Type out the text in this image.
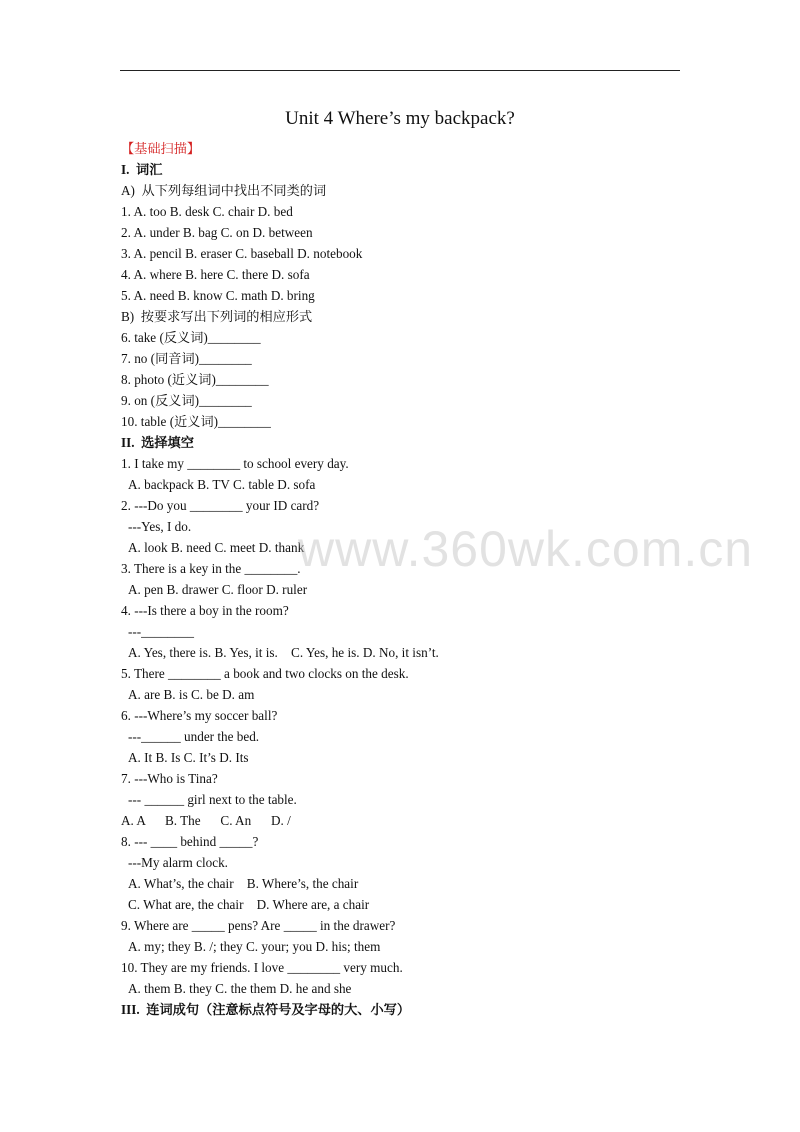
Unit 4 Where’s my backpack?
【基础扫描】
I.  词汇
A)  从下列每组词中找出不同类的词
1. A. too B. desk C. chair D. bed
2. A. under B. bag C. on D. between
3. A. pencil B. eraser C. baseball D. notebook
4. A. where B. here C. there D. sofa
5. A. need B. know C. math D. bring
B)  按要求写出下列词的相应形式
6. take (反义词)________
7. no (同音词)________
8. photo (近义词)________
9. on (反义词)________
10. table (近义词)________
II.  选择填空
1. I take my ________ to school every day.
A. backpack B. TV C. table D. sofa
2. ---Do you ________ your ID card?
---Yes, I do.
A. look B. need C. meet D. thank
3. There is a key in the ________.
A. pen B. drawer C. floor D. ruler
4. ---Is there a boy in the room?
---________
A. Yes, there is. B. Yes, it is.    C. Yes, he is. D. No, it isn’t.
5. There ________ a book and two clocks on the desk.
A. are B. is C. be D. am
6. ---Where’s my soccer ball?
---______ under the bed.
A. It B. Is C. It’s D. Its
7. ---Who is Tina?
--- ______ girl next to the table.
A. A      B. The      C. An      D. /
8. --- ____ behind _____?
---My alarm clock.
A. What’s, the chair    B. Where’s, the chair
C. What are, the chair    D. Where are, a chair
9. Where are _____ pens? Are _____ in the drawer?
A. my; they B. /; they C. your; you D. his; them
10. They are my friends. I love ________ very much.
A. them B. they C. the them D. he and she
III.  连词成句（注意标点符号及字母的大、小写）
www.360wk.com.cn
